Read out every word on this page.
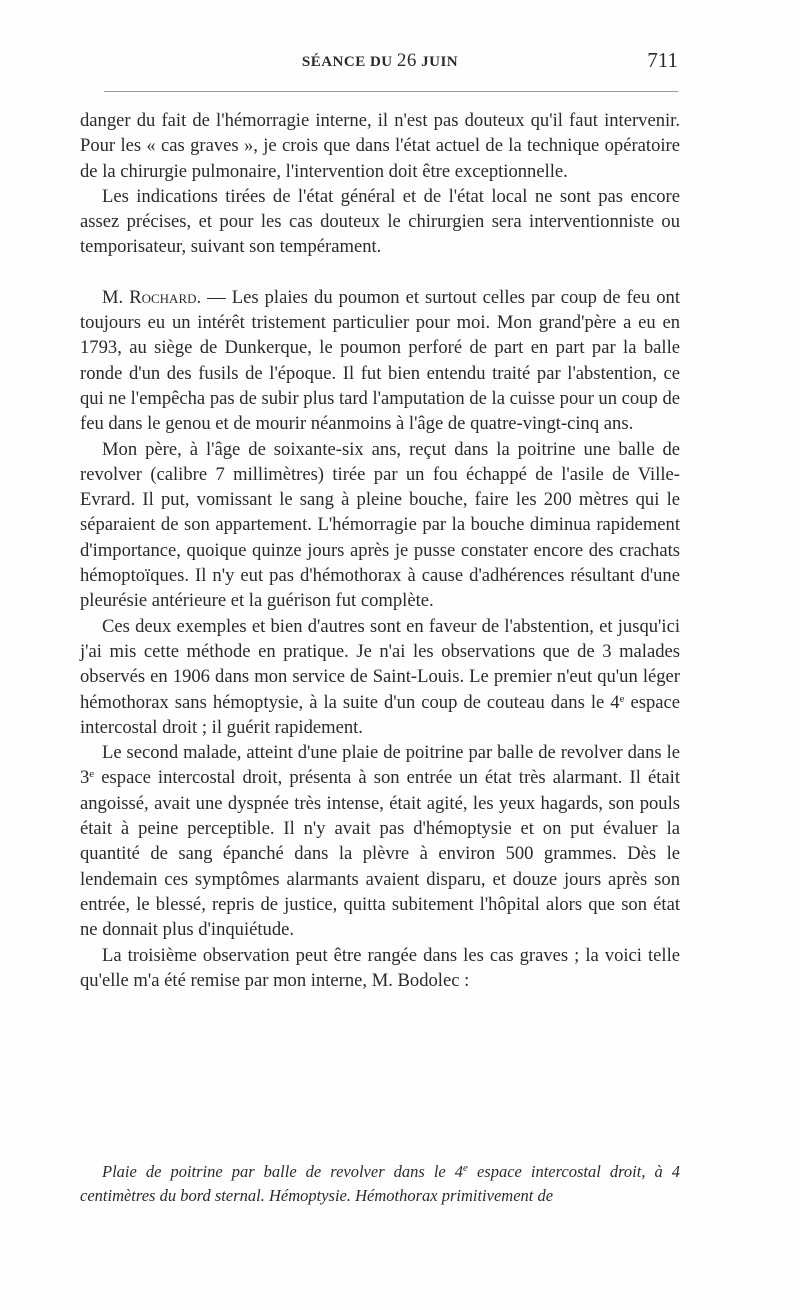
SÉANCE DU 26 JUIN	711

danger du fait de l'hémorragie interne, il n'est pas douteux qu'il faut intervenir. Pour les « cas graves », je crois que dans l'état actuel de la technique opératoire de la chirurgie pulmonaire, l'intervention doit être exceptionnelle.

Les indications tirées de l'état général et de l'état local ne sont pas encore assez précises, et pour les cas douteux le chirurgien sera interventionniste ou temporisateur, suivant son tempérament.

M. Rochard. — Les plaies du poumon et surtout celles par coup de feu ont toujours eu un intérêt tristement particulier pour moi. Mon grand'père a eu en 1793, au siège de Dunkerque, le poumon perforé de part en part par la balle ronde d'un des fusils de l'époque. Il fut bien entendu traité par l'abstention, ce qui ne l'empêcha pas de subir plus tard l'amputation de la cuisse pour un coup de feu dans le genou et de mourir néanmoins à l'âge de quatre-vingt-cinq ans.

Mon père, à l'âge de soixante-six ans, reçut dans la poitrine une balle de revolver (calibre 7 millimètres) tirée par un fou échappé de l'asile de Ville-Evrard. Il put, vomissant le sang à pleine bouche, faire les 200 mètres qui le séparaient de son appartement. L'hémorragie par la bouche diminua rapidement d'importance, quoique quinze jours après je pusse constater encore des crachats hémoptoïques. Il n'y eut pas d'hémothorax à cause d'adhérences résultant d'une pleurésie antérieure et la guérison fut complète.

Ces deux exemples et bien d'autres sont en faveur de l'abstention, et jusqu'ici j'ai mis cette méthode en pratique. Je n'ai les observations que de 3 malades observés en 1906 dans mon service de Saint-Louis. Le premier n'eut qu'un léger hémothorax sans hémoptysie, à la suite d'un coup de couteau dans le 4e espace intercostal droit ; il guérit rapidement.

Le second malade, atteint d'une plaie de poitrine par balle de revolver dans le 3e espace intercostal droit, présenta à son entrée un état très alarmant. Il était angoissé, avait une dyspnée très intense, était agité, les yeux hagards, son pouls était à peine perceptible. Il n'y avait pas d'hémoptysie et on put évaluer la quantité de sang épanché dans la plèvre à environ 500 grammes. Dès le lendemain ces symptômes alarmants avaient disparu, et douze jours après son entrée, le blessé, repris de justice, quitta subitement l'hôpital alors que son état ne donnait plus d'inquiétude.

La troisième observation peut être rangée dans les cas graves ; la voici telle qu'elle m'a été remise par mon interne, M. Bodolec :

Plaie de poitrine par balle de revolver dans le 4e espace intercostal droit, à 4 centimètres du bord sternal. Hémoptysie. Hémothorax primitivement de
